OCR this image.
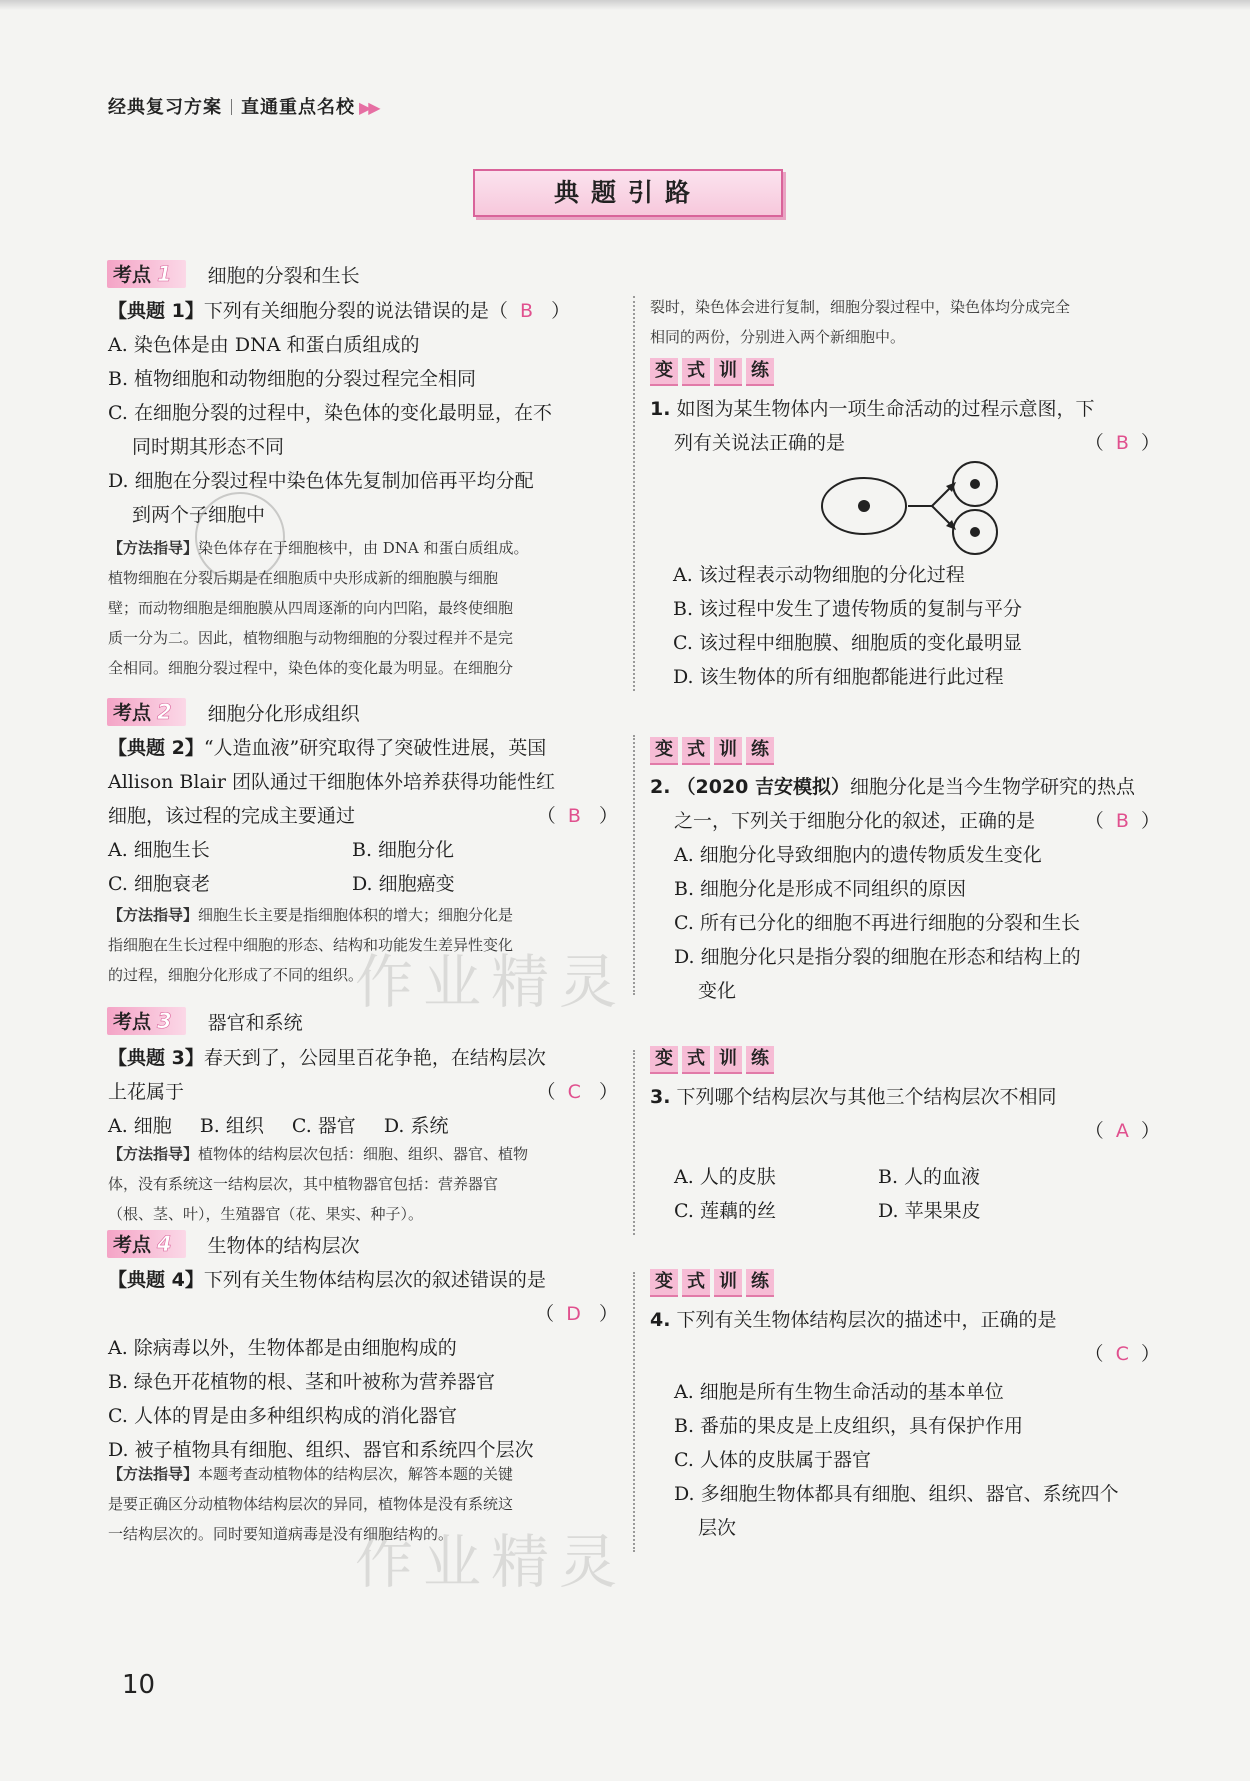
经典复习方案 直通重点名校 ▶▶
典题引路
考点 1	细胞的分裂和生长

【典题 1】下列有关细胞分裂的说法错误的是（ B ）

A. 染色体是由 DNA 和蛋白质组成的

B. 植物细胞和动物细胞的分裂过程完全相同

C. 在细胞分裂的过程中，染色体的变化最明显，在不

同时期其形态不同

D. 细胞在分裂过程中染色体先复制加倍再平均分配

到两个子细胞中

【方法指导】染色体存在于细胞核中，由 DNA 和蛋白质组成。

植物细胞在分裂后期是在细胞质中央形成新的细胞膜与细胞

壁；而动物细胞是细胞膜从四周逐渐的向内凹陷，最终使细胞

质一分为二。因此，植物细胞与动物细胞的分裂过程并不是完

全相同。细胞分裂过程中，染色体的变化最为明显。在细胞分

裂时，染色体会进行复制，细胞分裂过程中，染色体均分成完全

相同的两份，分别进入两个新细胞中。

变 式 训 练

1. 如图为某生物体内一项生命活动的过程示意图，下

列有关说法正确的是	（ B ）

A. 该过程表示动物细胞的分化过程

B. 该过程中发生了遗传物质的复制与平分

C. 该过程中细胞膜、细胞质的变化最明显

D. 该生物体的所有细胞都能进行此过程

考点 2	细胞分化形成组织

【典题 2】“人造血液”研究取得了突破性进展，英国

Allison Blair 团队通过干细胞体外培养获得功能性红

细胞，该过程的完成主要通过	（ B ）

A. 细胞生长	B. 细胞分化
C. 细胞衰老	D. 细胞癌变

【方法指导】细胞生长主要是指细胞体积的增大；细胞分化是

指细胞在生长过程中细胞的形态、结构和功能发生差异性变化

的过程，细胞分化形成了不同的组织。

变 式 训 练

2. （2020 吉安模拟）细胞分化是当今生物学研究的热点

之一，下列关于细胞分化的叙述，正确的是	（ B ）

A. 细胞分化导致细胞内的遗传物质发生变化

B. 细胞分化是形成不同组织的原因

C. 所有已分化的细胞不再进行细胞的分裂和生长

D. 细胞分化只是指分裂的细胞在形态和结构上的

变化

考点 3	器官和系统

【典题 3】春天到了，公园里百花争艳，在结构层次

上花属于	（ C ）

A. 细胞 B. 组织 C. 器官 D. 系统

【方法指导】植物体的结构层次包括：细胞、组织、器官、植物

体，没有系统这一结构层次，其中植物器官包括：营养器官

（根、茎、叶），生殖器官（花、果实、种子）。

变 式 训 练

3. 下列哪个结构层次与其他三个结构层次不相同

（ A ）

A. 人的皮肤	B. 人的血液
C. 莲藕的丝	D. 苹果果皮
考点 4	生物体的结构层次

【典题 4】下列有关生物体结构层次的叙述错误的是

（ D ）

A. 除病毒以外，生物体都是由细胞构成的

B. 绿色开花植物的根、茎和叶被称为营养器官

C. 人体的胃是由多种组织构成的消化器官

D. 被子植物具有细胞、组织、器官和系统四个层次

【方法指导】本题考查动植物体的结构层次，解答本题的关键

是要正确区分动植物体结构层次的异同，植物体是没有系统这

一结构层次的。同时要知道病毒是没有细胞结构的。

变 式 训 练

4. 下列有关生物体结构层次的描述中，正确的是

（ C ）

A. 细胞是所有生物生命活动的基本单位

B. 番茄的果皮是上皮组织，具有保护作用

C. 人体的皮肤属于器官

D. 多细胞生物体都具有细胞、组织、器官、系统四个

层次

作业精灵
作业精灵
10
